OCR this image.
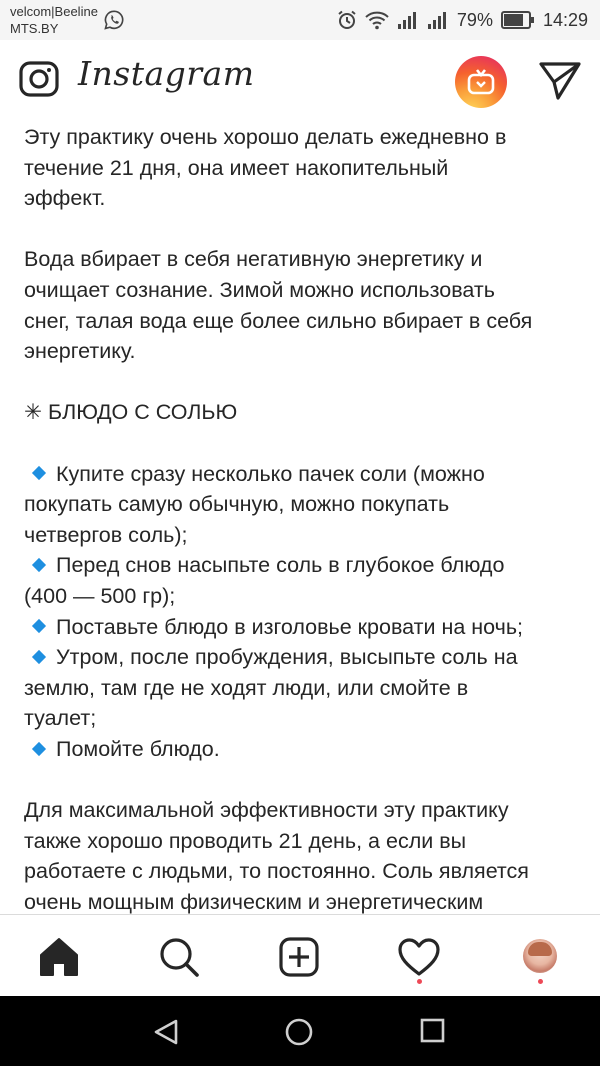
velcom|Beeline
MTS.BY	79%	14:29
Instagram

Эту практику очень хорошо делать ежедневно в
течение 21 дня, она имеет накопительный
эффект.

Вода вбирает в себя негативную энергетику и
очищает сознание. Зимой можно использовать
снег, талая вода еще более сильно вбирает в себя
энергетику.

✳ БЛЮДО С СОЛЬЮ

Купите сразу несколько пачек соли (можно
покупать самую обычную, можно покупать
четвергов соль);
Перед снов насыпьте соль в глубокое блюдо
(400 — 500 гр);
Поставьте блюдо в изголовье кровати на ночь;
Утром, после пробуждения, высыпьте соль на
землю, там где не ходят люди, или смойте в
туалет;
Помойте блюдо.

Для максимальной эффективности эту практику
также хорошо проводить 21 день, а если вы
работаете с людьми, то постоянно. Соль является
очень мощным физическим и энергетическим
